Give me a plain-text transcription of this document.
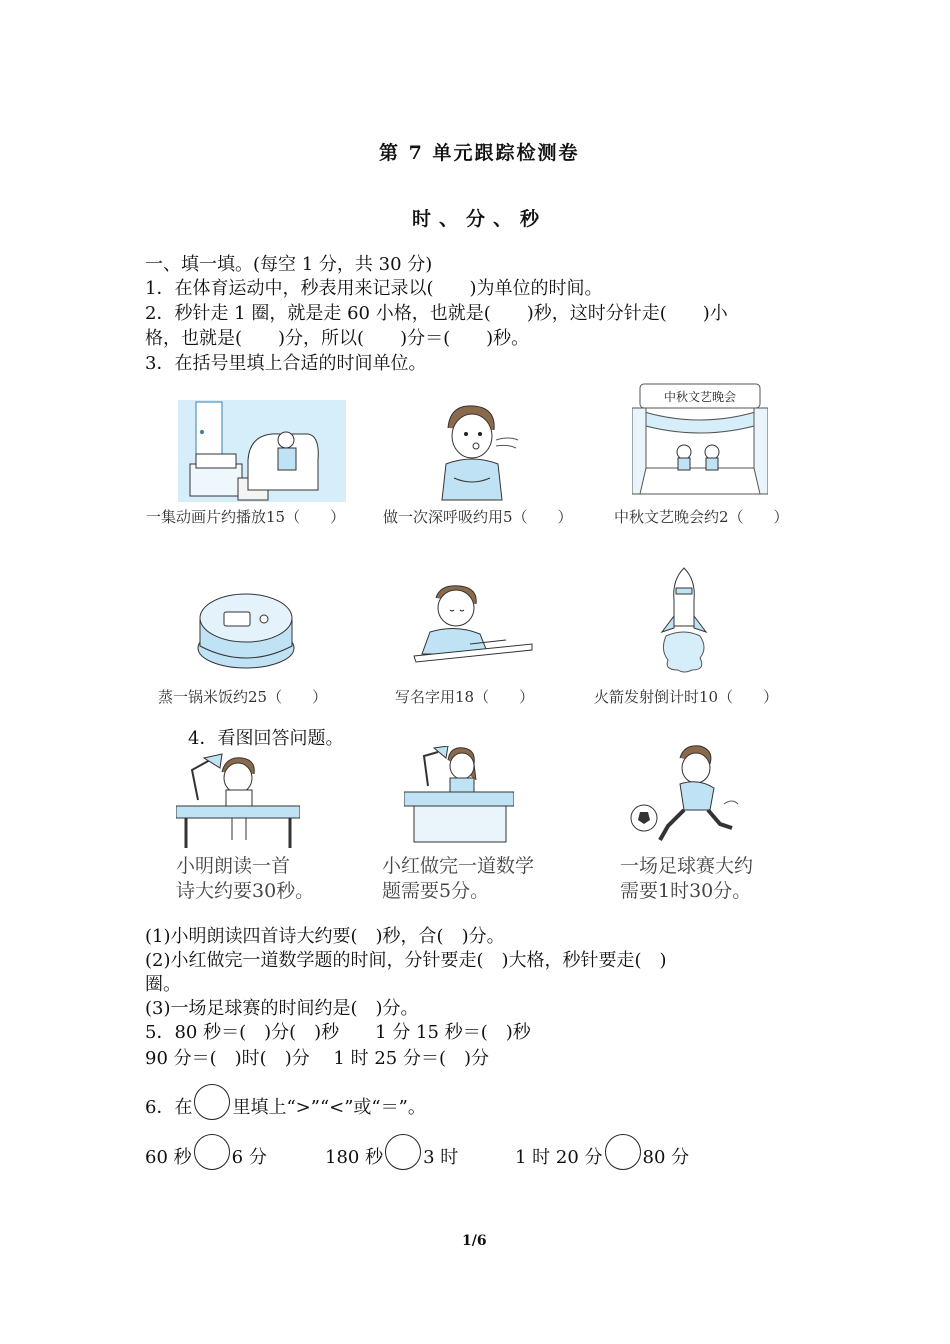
第 7 单元跟踪检测卷
时、分、秒
一、填一填。(每空 1 分，共 30 分)
1．在体育运动中，秒表用来记录以(　　)为单位的时间。
2．秒针走 1 圈，就是走 60 小格，也就是(　　)秒，这时分针走(　　)小
格，也就是(　　)分，所以(　　)分＝(　　)秒。
3．在括号里填上合适的时间单位。
中秋文艺晚会
一集动画片约播放15（　　）	做一次深呼吸约用5（　　）	中秋文艺晚会约2（　　）
蒸一锅米饭约25（　　）	写名字用18（　　）	火箭发射倒计时10（　　）
4．看图回答问题。
小明朗读一首
诗大约要30秒。
小红做完一道数学
题需要5分。
一场足球赛大约
需要1时30分。
(1)小明朗读四首诗大约要(　)秒，合(　)分。
(2)小红做完一道数学题的时间，分针要走(　)大格，秒针要走(　)
圈。
(3)一场足球赛的时间约是(　)分。
5．80 秒＝(　)分(　)秒　　1 分 15 秒＝(　)秒
90 分＝(　)时(　)分　 1 时 25 分＝(　)分
6．在 里填上“>”“<”或“＝”。
60 秒 6 分	180 秒 3 时	1 时 20 分 80 分
1/6
